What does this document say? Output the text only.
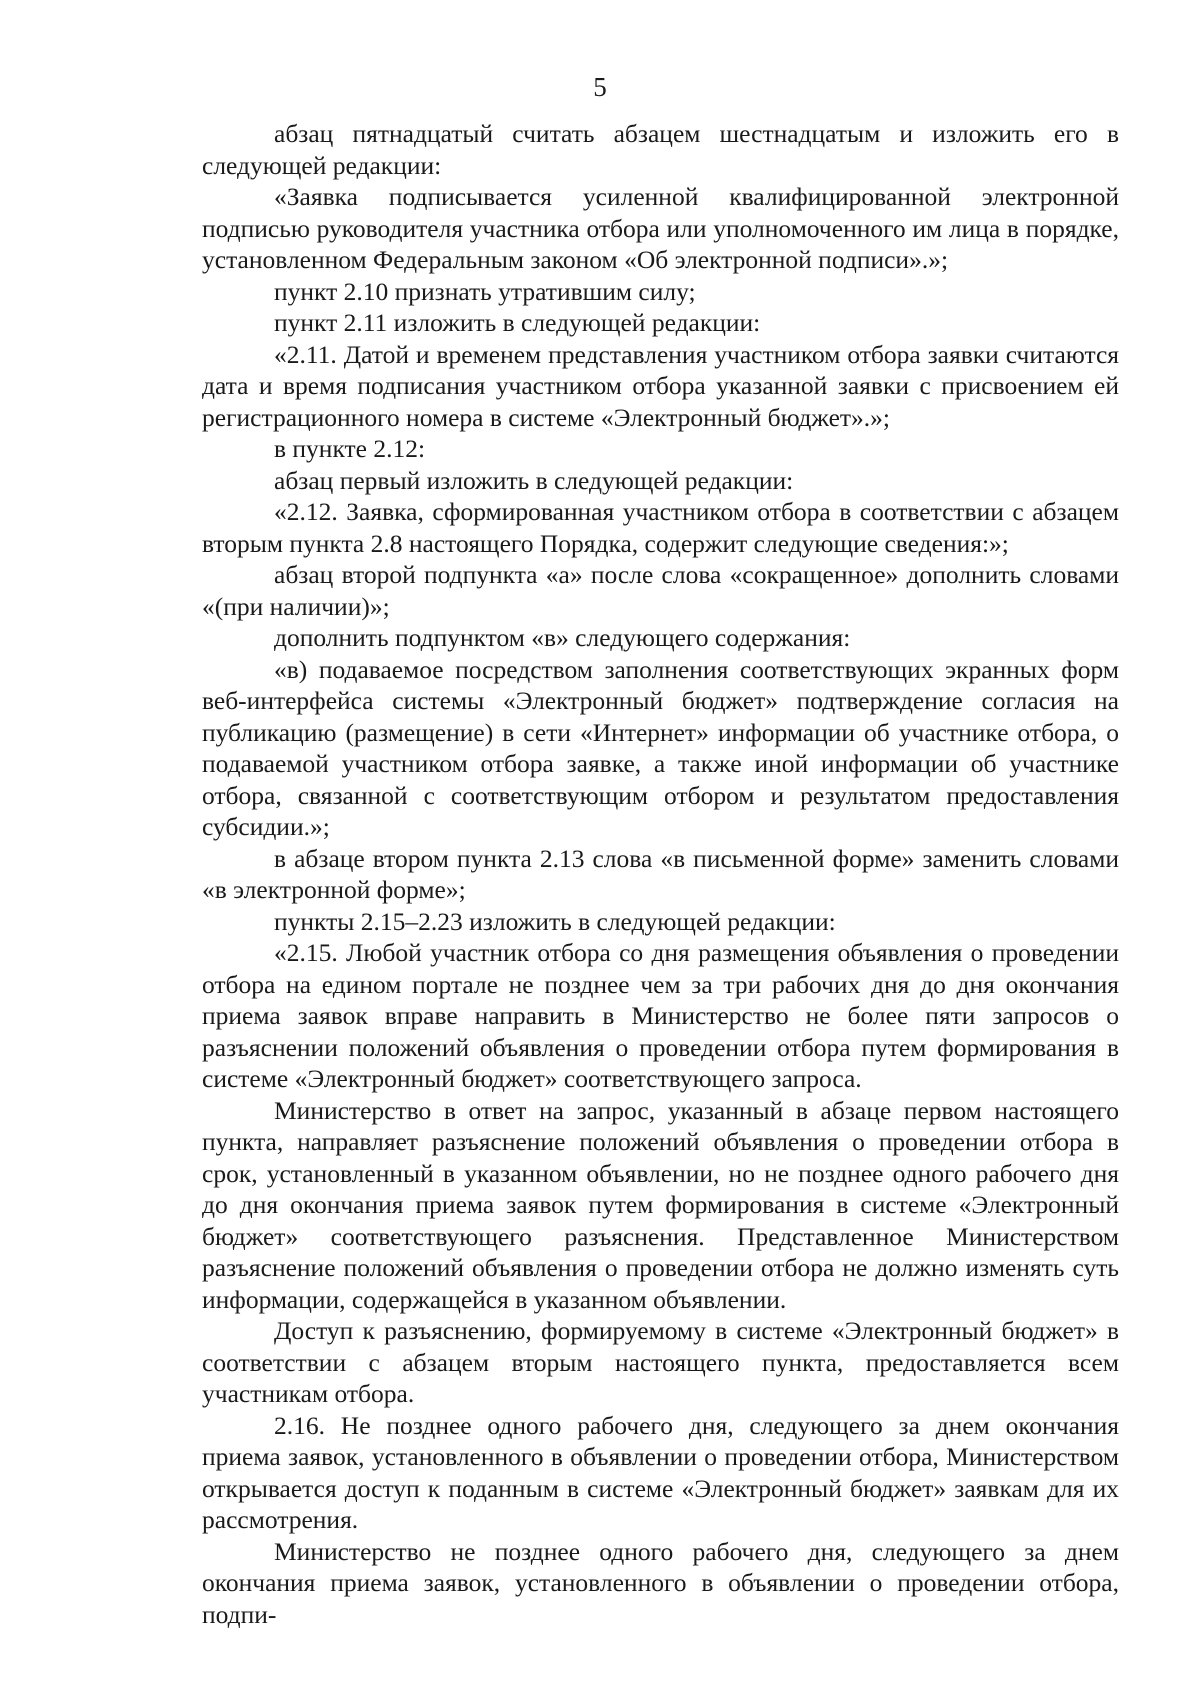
5

абзац пятнадцатый считать абзацем шестнадцатым и изложить его в следующей редакции:

«Заявка подписывается усиленной квалифицированной электронной подписью руководителя участника отбора или уполномоченного им лица в порядке, установленном Федеральным законом «Об электронной подписи».»;

пункт 2.10 признать утратившим силу;

пункт 2.11 изложить в следующей редакции:

«2.11. Датой и временем представления участником отбора заявки считаются дата и время подписания участником отбора указанной заявки с присвоением ей регистрационного номера в системе «Электронный бюджет».»;

в пункте 2.12:

абзац первый изложить в следующей редакции:

«2.12. Заявка, сформированная участником отбора в соответствии с абзацем вторым пункта 2.8 настоящего Порядка, содержит следующие сведения:»;

абзац второй подпункта «а» после слова «сокращенное» дополнить словами «(при наличии)»;

дополнить подпунктом «в» следующего содержания:

«в) подаваемое посредством заполнения соответствующих экранных форм веб-интерфейса системы «Электронный бюджет» подтверждение согласия на публикацию (размещение) в сети «Интернет» информации об участнике отбора, о подаваемой участником отбора заявке, а также иной информации об участнике отбора, связанной с соответствующим отбором и результатом предоставления субсидии.»;

в абзаце втором пункта 2.13 слова «в письменной форме» заменить словами «в электронной форме»;

пункты 2.15–2.23 изложить в следующей редакции:

«2.15. Любой участник отбора со дня размещения объявления о проведении отбора на едином портале не позднее чем за три рабочих дня до дня окончания приема заявок вправе направить в Министерство не более пяти запросов о разъяснении положений объявления о проведении отбора путем формирования в системе «Электронный бюджет» соответствующего запроса.

Министерство в ответ на запрос, указанный в абзаце первом настоящего пункта, направляет разъяснение положений объявления о проведении отбора в срок, установленный в указанном объявлении, но не позднее одного рабочего дня до дня окончания приема заявок путем формирования в системе «Электронный бюджет» соответствующего разъяснения. Представленное Министерством разъяснение положений объявления о проведении отбора не должно изменять суть информации, содержащейся в указанном объявлении.

Доступ к разъяснению, формируемому в системе «Электронный бюджет» в соответствии с абзацем вторым настоящего пункта, предоставляется всем участникам отбора.

2.16. Не позднее одного рабочего дня, следующего за днем окончания приема заявок, установленного в объявлении о проведении отбора, Министерством открывается доступ к поданным в системе «Электронный бюджет» заявкам для их рассмотрения.

Министерство не позднее одного рабочего дня, следующего за днем окончания приема заявок, установленного в объявлении о проведении отбора, подпи-
